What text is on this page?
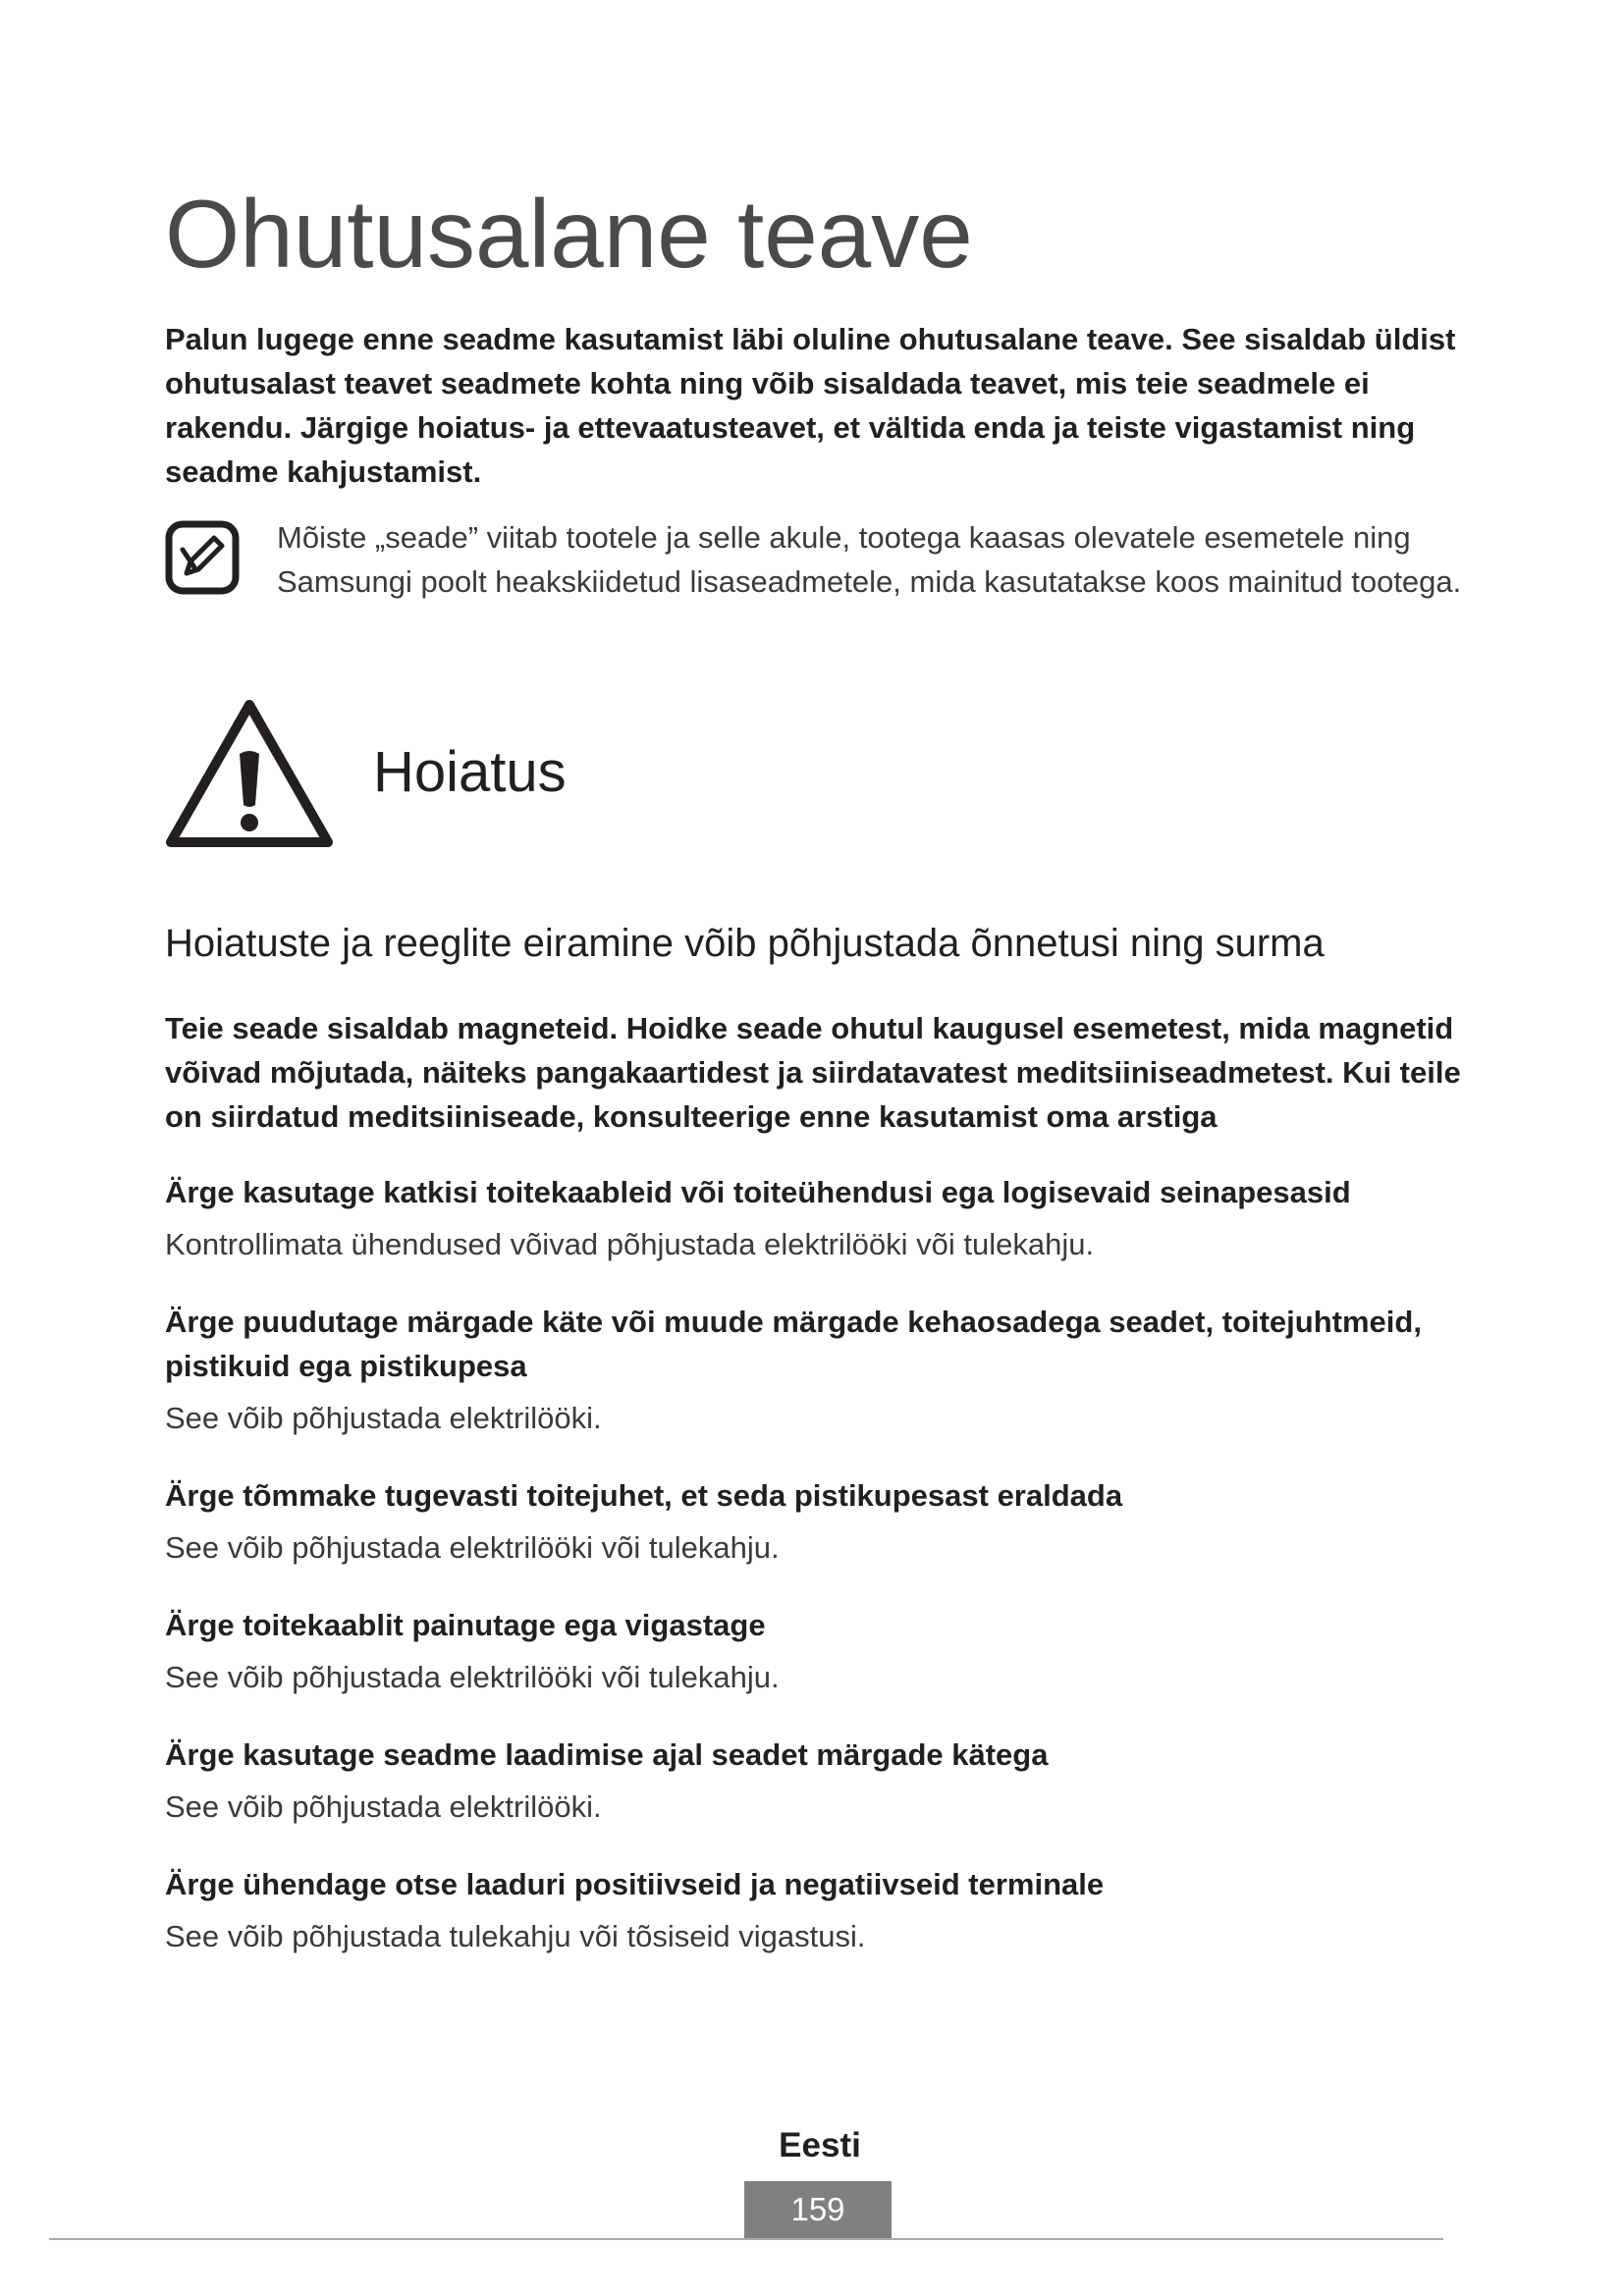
Ohutusalane teave

Palun lugege enne seadme kasutamist läbi oluline ohutusalane teave. See sisaldab üldist ohutusalast teavet seadmete kohta ning võib sisaldada teavet, mis teie seadmele ei rakendu. Järgige hoiatus- ja ettevaatusteavet, et vältida enda ja teiste vigastamist ning seadme kahjustamist.

Mõiste „seade” viitab tootele ja selle akule, tootega kaasas olevatele esemetele ning Samsungi poolt heakskiidetud lisaseadmetele, mida kasutatakse koos mainitud tootega.

Hoiatus
Hoiatuste ja reeglite eiramine võib põhjustada õnnetusi ning surma

Teie seade sisaldab magneteid. Hoidke seade ohutul kaugusel esemetest, mida magnetid võivad mõjutada, näiteks pangakaartidest ja siirdatavatest meditsiiniseadmetest. Kui teile on siirdatud meditsiiniseade, konsulteerige enne kasutamist oma arstiga

Ärge kasutage katkisi toitekaableid või toiteühendusi ega logisevaid seinapesasid

Kontrollimata ühendused võivad põhjustada elektrilööki või tulekahju.

Ärge puudutage märgade käte või muude märgade kehaosadega seadet, toitejuhtmeid, pistikuid ega pistikupesa

See võib põhjustada elektrilööki.

Ärge tõmmake tugevasti toitejuhet, et seda pistikupesast eraldada

See võib põhjustada elektrilööki või tulekahju.

Ärge toitekaablit painutage ega vigastage

See võib põhjustada elektrilööki või tulekahju.

Ärge kasutage seadme laadimise ajal seadet märgade kätega

See võib põhjustada elektrilööki.

Ärge ühendage otse laaduri positiivseid ja negatiivseid terminale

See võib põhjustada tulekahju või tõsiseid vigastusi.

Eesti
159
